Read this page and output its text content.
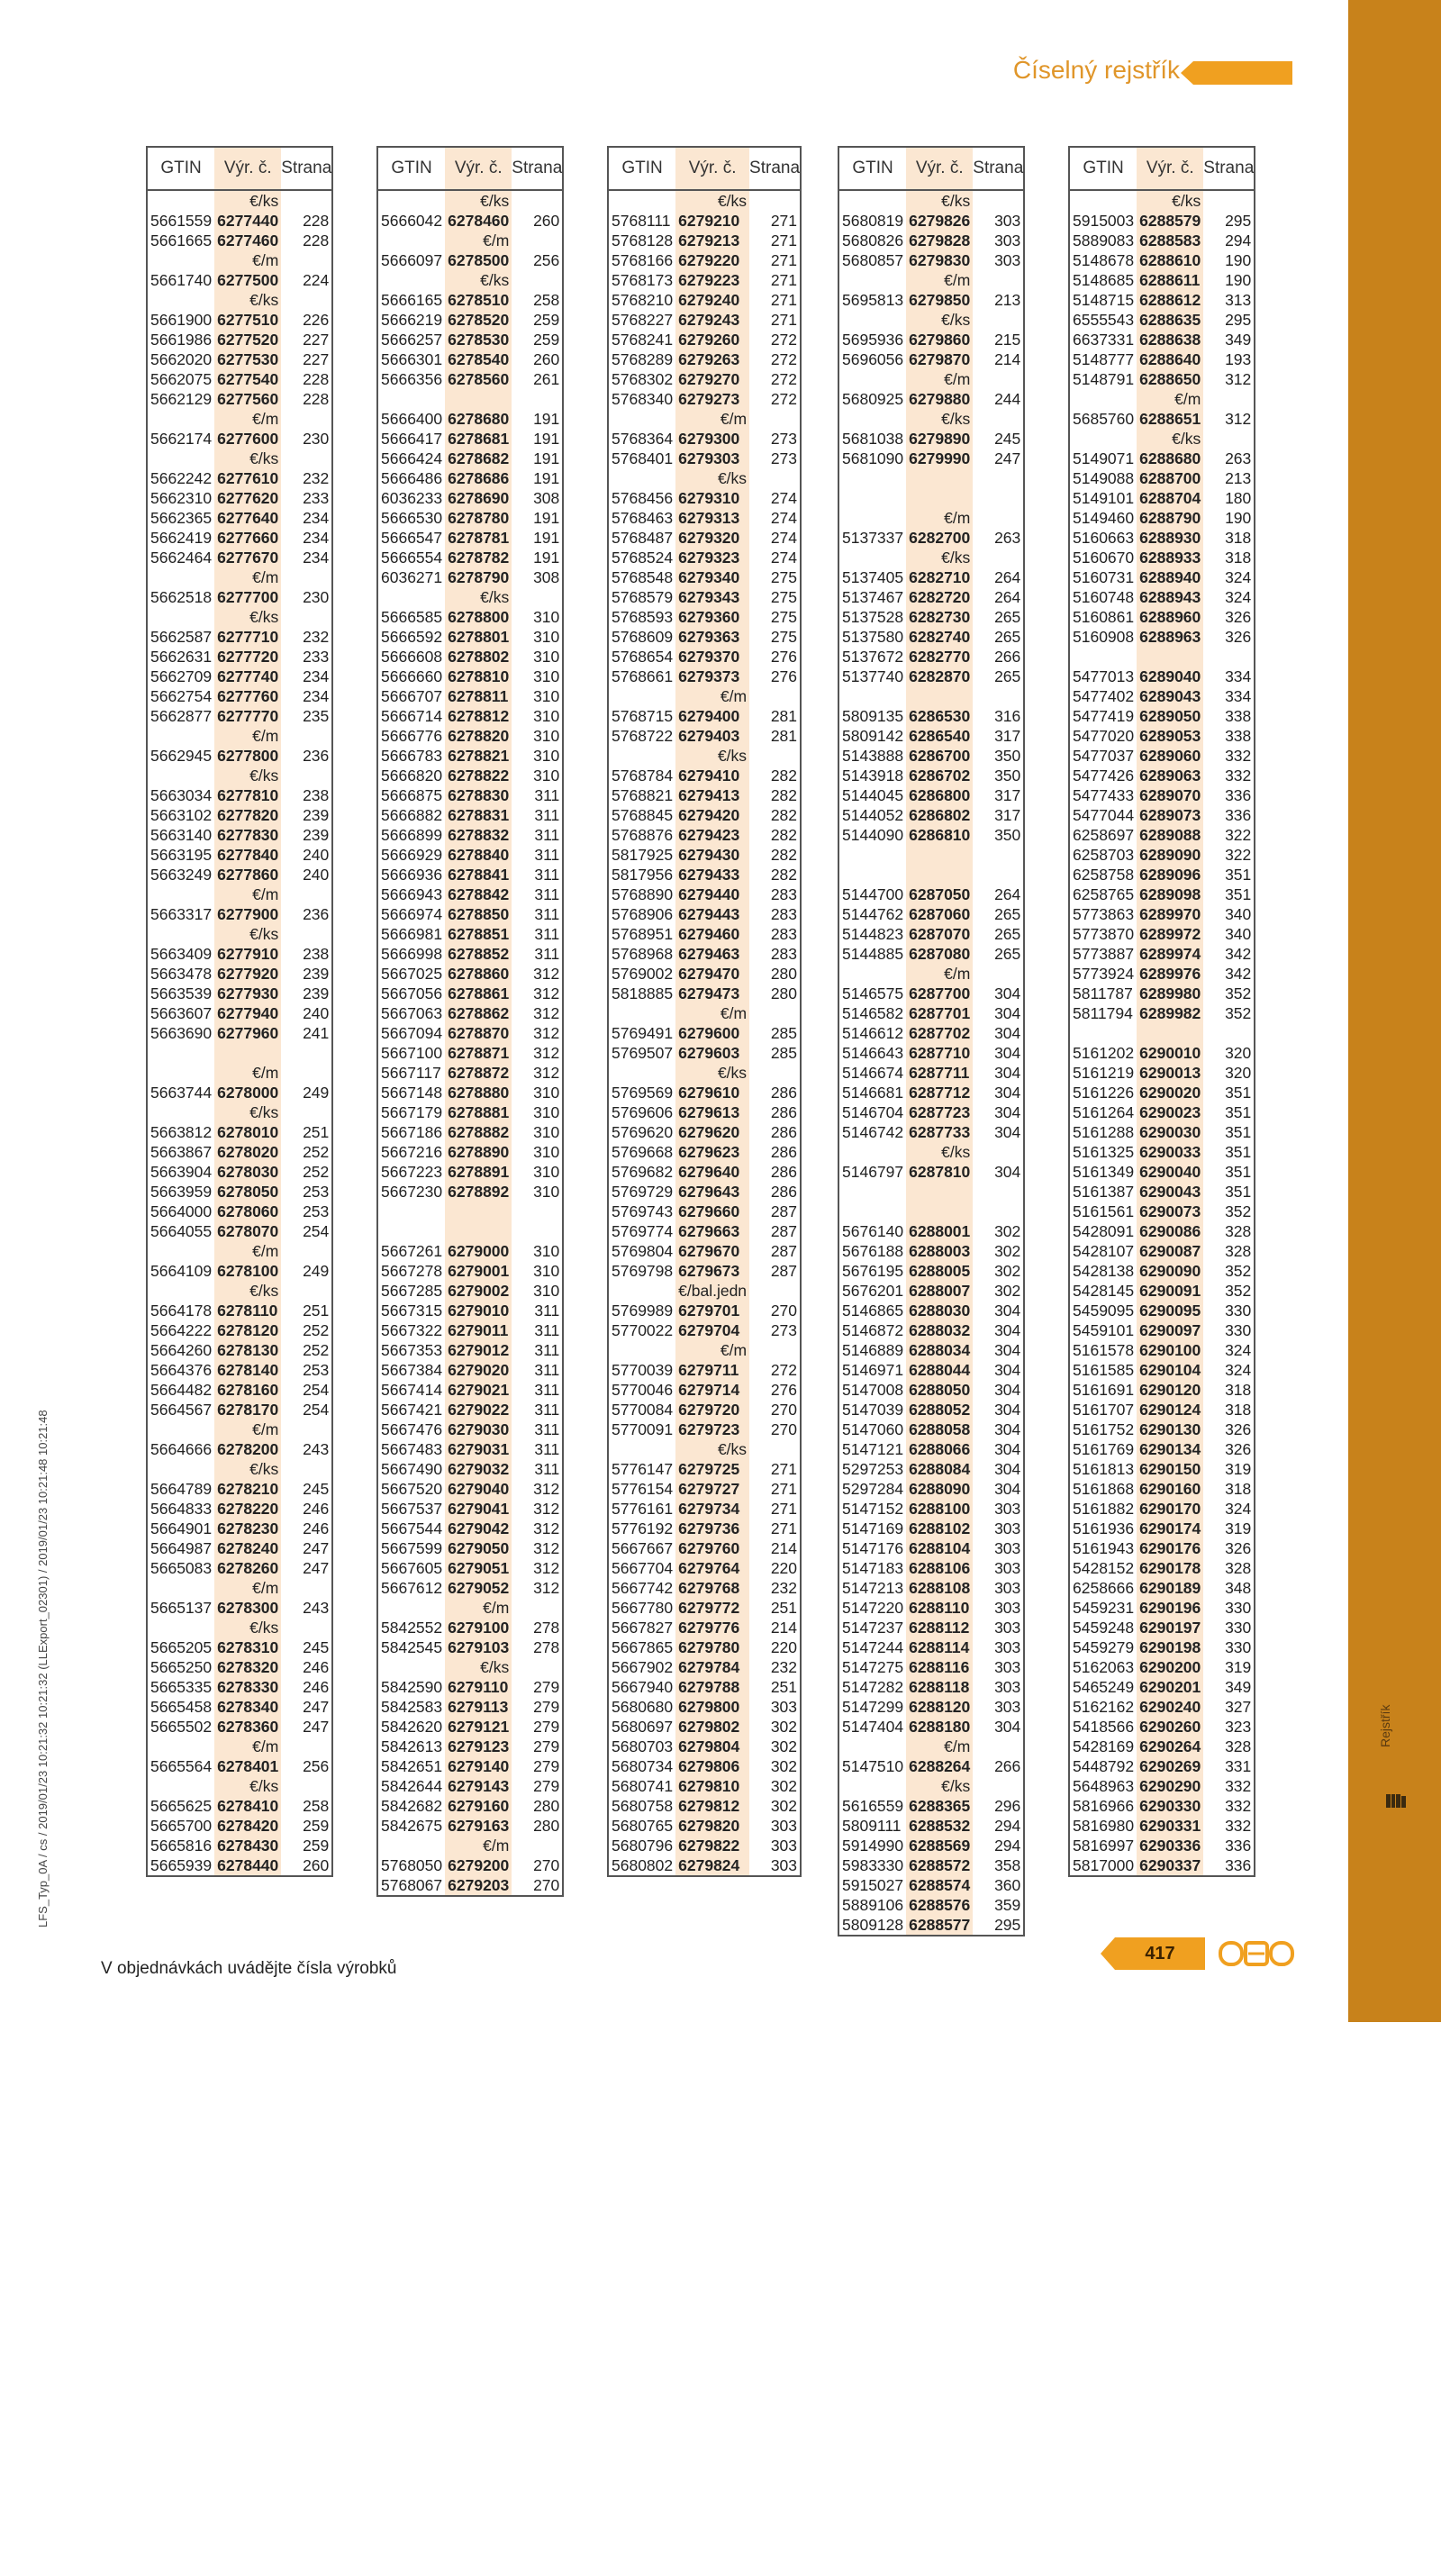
Rejstřík
Číselný rejstřík
GTIN	Výr. č.	Strana
	€/ks	
5661559	6277440	228
5661665	6277460	228
	€/m	
5661740	6277500	224
	€/ks	
5661900	6277510	226
5661986	6277520	227
5662020	6277530	227
5662075	6277540	228
5662129	6277560	228
	€/m	
5662174	6277600	230
	€/ks	
5662242	6277610	232
5662310	6277620	233
5662365	6277640	234
5662419	6277660	234
5662464	6277670	234
	€/m	
5662518	6277700	230
	€/ks	
5662587	6277710	232
5662631	6277720	233
5662709	6277740	234
5662754	6277760	234
5662877	6277770	235
	€/m	
5662945	6277800	236
	€/ks	
5663034	6277810	238
5663102	6277820	239
5663140	6277830	239
5663195	6277840	240
5663249	6277860	240
	€/m	
5663317	6277900	236
	€/ks	
5663409	6277910	238
5663478	6277920	239
5663539	6277930	239
5663607	6277940	240
5663690	6277960	241

	€/m	
5663744	6278000	249
	€/ks	
5663812	6278010	251
5663867	6278020	252
5663904	6278030	252
5663959	6278050	253
5664000	6278060	253
5664055	6278070	254
	€/m	
5664109	6278100	249
	€/ks	
5664178	6278110	251
5664222	6278120	252
5664260	6278130	252
5664376	6278140	253
5664482	6278160	254
5664567	6278170	254
	€/m	
5664666	6278200	243
	€/ks	
5664789	6278210	245
5664833	6278220	246
5664901	6278230	246
5664987	6278240	247
5665083	6278260	247
	€/m	
5665137	6278300	243
	€/ks	
5665205	6278310	245
5665250	6278320	246
5665335	6278330	246
5665458	6278340	247
5665502	6278360	247
	€/m	
5665564	6278401	256
	€/ks	
5665625	6278410	258
5665700	6278420	259
5665816	6278430	259
5665939	6278440	260
GTIN	Výr. č.	Strana
	€/ks	
5666042	6278460	260
	€/m	
5666097	6278500	256
	€/ks	
5666165	6278510	258
5666219	6278520	259
5666257	6278530	259
5666301	6278540	260
5666356	6278560	261

5666400	6278680	191
5666417	6278681	191
5666424	6278682	191
5666486	6278686	191
6036233	6278690	308
5666530	6278780	191
5666547	6278781	191
5666554	6278782	191
6036271	6278790	308
	€/ks	
5666585	6278800	310
5666592	6278801	310
5666608	6278802	310
5666660	6278810	310
5666707	6278811	310
5666714	6278812	310
5666776	6278820	310
5666783	6278821	310
5666820	6278822	310
5666875	6278830	311
5666882	6278831	311
5666899	6278832	311
5666929	6278840	311
5666936	6278841	311
5666943	6278842	311
5666974	6278850	311
5666981	6278851	311
5666998	6278852	311
5667025	6278860	312
5667056	6278861	312
5667063	6278862	312
5667094	6278870	312
5667100	6278871	312
5667117	6278872	312
5667148	6278880	310
5667179	6278881	310
5667186	6278882	310
5667216	6278890	310
5667223	6278891	310
5667230	6278892	310

5667261	6279000	310
5667278	6279001	310
5667285	6279002	310
5667315	6279010	311
5667322	6279011	311
5667353	6279012	311
5667384	6279020	311
5667414	6279021	311
5667421	6279022	311
5667476	6279030	311
5667483	6279031	311
5667490	6279032	311
5667520	6279040	312
5667537	6279041	312
5667544	6279042	312
5667599	6279050	312
5667605	6279051	312
5667612	6279052	312
	€/m	
5842552	6279100	278
5842545	6279103	278
	€/ks	
5842590	6279110	279
5842583	6279113	279
5842620	6279121	279
5842613	6279123	279
5842651	6279140	279
5842644	6279143	279
5842682	6279160	280
5842675	6279163	280
	€/m	
5768050	6279200	270
5768067	6279203	270
GTIN	Výr. č.	Strana
	€/ks	
5768111	6279210	271
5768128	6279213	271
5768166	6279220	271
5768173	6279223	271
5768210	6279240	271
5768227	6279243	271
5768241	6279260	272
5768289	6279263	272
5768302	6279270	272
5768340	6279273	272
	€/m	
5768364	6279300	273
5768401	6279303	273
	€/ks	
5768456	6279310	274
5768463	6279313	274
5768487	6279320	274
5768524	6279323	274
5768548	6279340	275
5768579	6279343	275
5768593	6279360	275
5768609	6279363	275
5768654	6279370	276
5768661	6279373	276
	€/m	
5768715	6279400	281
5768722	6279403	281
	€/ks	
5768784	6279410	282
5768821	6279413	282
5768845	6279420	282
5768876	6279423	282
5817925	6279430	282
5817956	6279433	282
5768890	6279440	283
5768906	6279443	283
5768951	6279460	283
5768968	6279463	283
5769002	6279470	280
5818885	6279473	280
	€/m	
5769491	6279600	285
5769507	6279603	285
	€/ks	
5769569	6279610	286
5769606	6279613	286
5769620	6279620	286
5769668	6279623	286
5769682	6279640	286
5769729	6279643	286
5769743	6279660	287
5769774	6279663	287
5769804	6279670	287
5769798	6279673	287
	€/bal.jedn	
5769989	6279701	270
5770022	6279704	273
	€/m	
5770039	6279711	272
5770046	6279714	276
5770084	6279720	270
5770091	6279723	270
	€/ks	
5776147	6279725	271
5776154	6279727	271
5776161	6279734	271
5776192	6279736	271
5667667	6279760	214
5667704	6279764	220
5667742	6279768	232
5667780	6279772	251
5667827	6279776	214
5667865	6279780	220
5667902	6279784	232
5667940	6279788	251
5680680	6279800	303
5680697	6279802	302
5680703	6279804	302
5680734	6279806	302
5680741	6279810	302
5680758	6279812	302
5680765	6279820	303
5680796	6279822	303
5680802	6279824	303
GTIN	Výr. č.	Strana
	€/ks	
5680819	6279826	303
5680826	6279828	303
5680857	6279830	303
	€/m	
5695813	6279850	213
	€/ks	
5695936	6279860	215
5696056	6279870	214
	€/m	
5680925	6279880	244
	€/ks	
5681038	6279890	245
5681090	6279990	247

	€/m	
5137337	6282700	263
	€/ks	
5137405	6282710	264
5137467	6282720	264
5137528	6282730	265
5137580	6282740	265
5137672	6282770	266
5137740	6282870	265

5809135	6286530	316
5809142	6286540	317
5143888	6286700	350
5143918	6286702	350
5144045	6286800	317
5144052	6286802	317
5144090	6286810	350

5144700	6287050	264
5144762	6287060	265
5144823	6287070	265
5144885	6287080	265
	€/m	
5146575	6287700	304
5146582	6287701	304
5146612	6287702	304
5146643	6287710	304
5146674	6287711	304
5146681	6287712	304
5146704	6287723	304
5146742	6287733	304
	€/ks	
5146797	6287810	304

5676140	6288001	302
5676188	6288003	302
5676195	6288005	302
5676201	6288007	302
5146865	6288030	304
5146872	6288032	304
5146889	6288034	304
5146971	6288044	304
5147008	6288050	304
5147039	6288052	304
5147060	6288058	304
5147121	6288066	304
5297253	6288084	304
5297284	6288090	304
5147152	6288100	303
5147169	6288102	303
5147176	6288104	303
5147183	6288106	303
5147213	6288108	303
5147220	6288110	303
5147237	6288112	303
5147244	6288114	303
5147275	6288116	303
5147282	6288118	303
5147299	6288120	303
5147404	6288180	304
	€/m	
5147510	6288264	266
	€/ks	
5616559	6288365	296
5809111	6288532	294
5914990	6288569	294
5983330	6288572	358
5915027	6288574	360
5889106	6288576	359
5809128	6288577	295
GTIN	Výr. č.	Strana
	€/ks	
5915003	6288579	295
5889083	6288583	294
5148678	6288610	190
5148685	6288611	190
5148715	6288612	313
6555543	6288635	295
6637331	6288638	349
5148777	6288640	193
5148791	6288650	312
	€/m	
5685760	6288651	312
	€/ks	
5149071	6288680	263
5149088	6288700	213
5149101	6288704	180
5149460	6288790	190
5160663	6288930	318
5160670	6288933	318
5160731	6288940	324
5160748	6288943	324
5160861	6288960	326
5160908	6288963	326

5477013	6289040	334
5477402	6289043	334
5477419	6289050	338
5477020	6289053	338
5477037	6289060	332
5477426	6289063	332
5477433	6289070	336
5477044	6289073	336
6258697	6289088	322
6258703	6289090	322
6258758	6289096	351
6258765	6289098	351
5773863	6289970	340
5773870	6289972	340
5773887	6289974	342
5773924	6289976	342
5811787	6289980	352
5811794	6289982	352

5161202	6290010	320
5161219	6290013	320
5161226	6290020	351
5161264	6290023	351
5161288	6290030	351
5161325	6290033	351
5161349	6290040	351
5161387	6290043	351
5161561	6290073	352
5428091	6290086	328
5428107	6290087	328
5428138	6290090	352
5428145	6290091	352
5459095	6290095	330
5459101	6290097	330
5161578	6290100	324
5161585	6290104	324
5161691	6290120	318
5161707	6290124	318
5161752	6290130	326
5161769	6290134	326
5161813	6290150	319
5161868	6290160	318
5161882	6290170	324
5161936	6290174	319
5161943	6290176	326
5428152	6290178	328
6258666	6290189	348
5459231	6290196	330
5459248	6290197	330
5459279	6290198	330
5162063	6290200	319
5465249	6290201	349
5162162	6290240	327
5418566	6290260	323
5428169	6290264	328
5448792	6290269	331
5648963	6290290	332
5816966	6290330	332
5816980	6290331	332
5816997	6290336	336
5817000	6290337	336
LFS_Typ_0A / cs / 2019/01/23 10:21:32 10:21:32 (LLExport_02301) / 2019/01/23 10:21:48 10:21:48
V objednávkách uvádějte čísla výrobků
417
